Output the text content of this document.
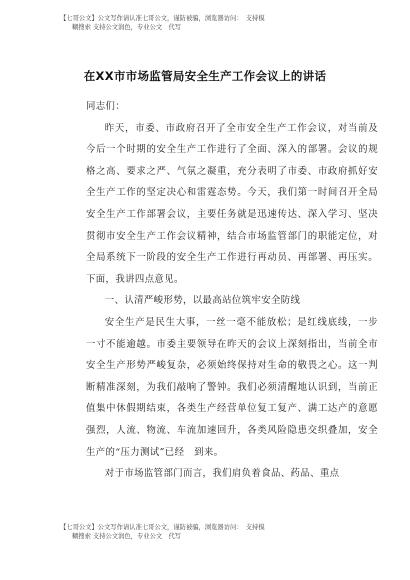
【七哥公文】公文写作请认准七哥公文，谨防被骗，浏览器访问：　支持模
糊搜索 支持公文润色，专业公文　代写
在XX市市场监管局安全生产工作会议上的讲话

同志们：

昨天，市委、市政府召开了全市安全生产工作会议，对当前及今后一个时期的安全生产工作进行了全面、深入的部署。会议的规格之高、要求之严、气氛之凝重，充分表明了市委、市政府抓好安全生产工作的坚定决心和雷霆态势。今天，我们第一时间召开全局安全生产工作部署会议，主要任务就是迅速传达、深入学习、坚决贯彻市安全生产工作会议精神，结合市场监管部门的职能定位，对全局系统下一阶段的安全生产工作进行再动员、再部署、再压实。下面，我讲四点意见。

一、认清严峻形势，以最高站位筑牢安全防线

安全生产是民生大事，一丝一毫不能放松；是红线底线，一步一寸不能逾越。市委主要领导在昨天的会议上深刻指出，当前全市安全生产形势严峻复杂，必须始终保持对生命的敬畏之心。这一判断精准深刻，为我们敲响了警钟。我们必须清醒地认识到，当前正值集中休假期结束，各类生产经营单位复工复产、满工达产的意愿强烈，人流、物流、车流加速回升，各类风险隐患交织叠加，安全生产的“压力测试”已经　到来。

对于市场监管部门而言，我们肩负着食品、药品、重点

【七哥公文】公文写作请认准七哥公文，谨防被骗，浏览器访问：　支持模
糊搜索 支持公文润色，专业公文　代写
